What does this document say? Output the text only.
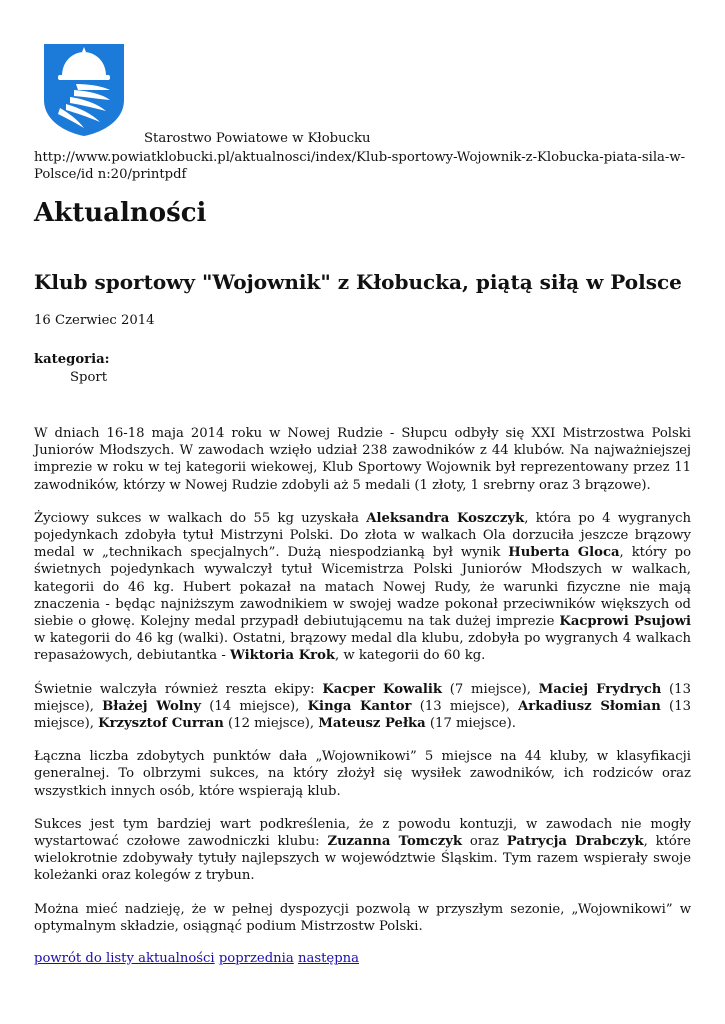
Starostwo Powiatowe w Kłobucku
http://www.powiatklobucki.pl/aktualnosci/index/Klub-sportowy-Wojownik-z-Klobucka-piata-sila-w-Polsce/id n:20/printpdf
Aktualności
Klub sportowy "Wojownik" z Kłobucka, piątą siłą w Polsce
16 Czerwiec 2014
kategoria:
Sport

W dniach 16-18 maja 2014 roku w Nowej Rudzie - Słupcu odbyły się XXI Mistrzostwa Polski Juniorów Młodszych. W zawodach wzięło udział 238 zawodników z 44 klubów. Na najważniejszej imprezie w roku w tej kategorii wiekowej, Klub Sportowy Wojownik był reprezentowany przez 11 zawodników, którzy w Nowej Rudzie zdobyli aż 5 medali (1 złoty, 1 srebrny oraz 3 brązowe).

Życiowy sukces w walkach do 55 kg uzyskała Aleksandra Koszczyk, która po 4 wygranych pojedynkach zdobyła tytuł Mistrzyni Polski. Do złota w walkach Ola dorzuciła jeszcze brązowy medal w „technikach specjalnych”. Dużą niespodzianką był wynik Huberta Gloca, który po świetnych pojedynkach wywalczył tytuł Wicemistrza Polski Juniorów Młodszych w walkach, kategorii do 46 kg. Hubert pokazał na matach Nowej Rudy, że warunki fizyczne nie mają znaczenia - będąc najniższym zawodnikiem w swojej wadze pokonał przeciwników większych od siebie o głowę. Kolejny medal przypadł debiutującemu na tak dużej imprezie Kacprowi Psujowi w kategorii do 46 kg (walki). Ostatni, brązowy medal dla klubu, zdobyła po wygranych 4 walkach repasażowych, debiutantka - Wiktoria Krok, w kategorii do 60 kg.

Świetnie walczyła również reszta ekipy: Kacper Kowalik (7 miejsce), Maciej Frydrych (13 miejsce), Błażej Wolny (14 miejsce), Kinga Kantor (13 miejsce), Arkadiusz Słomian (13 miejsce), Krzysztof Curran (12 miejsce), Mateusz Pełka (17 miejsce).

Łączna liczba zdobytych punktów dała „Wojownikowi” 5 miejsce na 44 kluby, w klasyfikacji generalnej. To olbrzymi sukces, na który złożył się wysiłek zawodników, ich rodziców oraz wszystkich innych osób, które wspierają klub.

Sukces jest tym bardziej wart podkreślenia, że z powodu kontuzji, w zawodach nie mogły wystartować czołowe zawodniczki klubu: Zuzanna Tomczyk oraz Patrycja Drabczyk, które wielokrotnie zdobywały tytuły najlepszych w województwie Śląskim. Tym razem wspierały swoje koleżanki oraz kolegów z trybun.

Można mieć nadzieję, że w pełnej dyspozycji pozwolą w przyszłym sezonie, „Wojownikowi” w optymalnym składzie, osiągnąć podium Mistrzostw Polski.

powrót do listy aktualności poprzednia następna
